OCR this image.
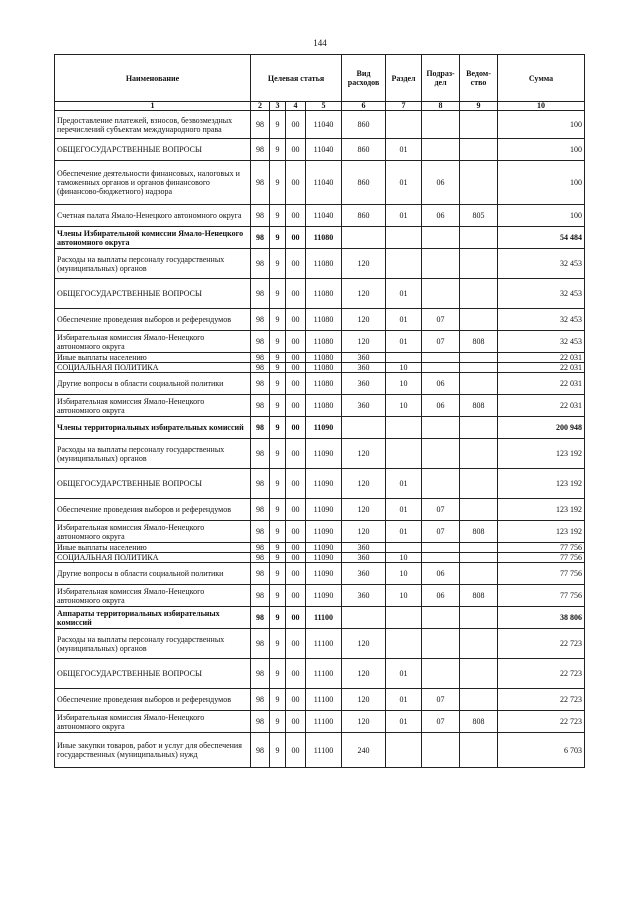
144
Наименование	Целевая статья				Вид расходов	Раздел	Подраз-дел	Ведом-ство	Сумма
1	2	3	4	5	6	7	8	9	10
Предоставление платежей, взносов, безвозмездных перечислений субъектам международного права	98	9	00	11040	860				100
ОБЩЕГОСУДАРСТВЕННЫЕ ВОПРОСЫ	98	9	00	11040	860	01			100
Обеспечение деятельности финансовых, налоговых и таможенных органов и органов финансового (финансово-бюджетного) надзора	98	9	00	11040	860	01	06		100
Счетная палата Ямало-Ненецкого автономного округа	98	9	00	11040	860	01	06	805	100
Члены Избирательной комиссии Ямало-Ненецкого автономного округа	98	9	00	11080					54 484
Расходы на выплаты персоналу государственных (муниципальных) органов	98	9	00	11080	120				32 453
ОБЩЕГОСУДАРСТВЕННЫЕ ВОПРОСЫ	98	9	00	11080	120	01			32 453
Обеспечение проведения выборов и референдумов	98	9	00	11080	120	01	07		32 453
Избирательная комиссия Ямало-Ненецкого автономного округа	98	9	00	11080	120	01	07	808	32 453
Иные выплаты населению	98	9	00	11080	360				22 031
СОЦИАЛЬНАЯ ПОЛИТИКА	98	9	00	11080	360	10			22 031
Другие вопросы в области социальной политики	98	9	00	11080	360	10	06		22 031
Избирательная комиссия Ямало-Ненецкого автономного округа	98	9	00	11080	360	10	06	808	22 031
Члены территориальных избирательных комиссий	98	9	00	11090					200 948
Расходы на выплаты персоналу государственных (муниципальных) органов	98	9	00	11090	120				123 192
ОБЩЕГОСУДАРСТВЕННЫЕ ВОПРОСЫ	98	9	00	11090	120	01			123 192
Обеспечение проведения выборов и референдумов	98	9	00	11090	120	01	07		123 192
Избирательная комиссия Ямало-Ненецкого автономного округа	98	9	00	11090	120	01	07	808	123 192
Иные выплаты населению	98	9	00	11090	360				77 756
СОЦИАЛЬНАЯ ПОЛИТИКА	98	9	00	11090	360	10			77 756
Другие вопросы в области социальной политики	98	9	00	11090	360	10	06		77 756
Избирательная комиссия Ямало-Ненецкого автономного округа	98	9	00	11090	360	10	06	808	77 756
Аппараты территориальных избирательных комиссий	98	9	00	11100					38 806
Расходы на выплаты персоналу государственных (муниципальных) органов	98	9	00	11100	120				22 723
ОБЩЕГОСУДАРСТВЕННЫЕ ВОПРОСЫ	98	9	00	11100	120	01			22 723
Обеспечение проведения выборов и референдумов	98	9	00	11100	120	01	07		22 723
Избирательная комиссия Ямало-Ненецкого автономного округа	98	9	00	11100	120	01	07	808	22 723
Иные закупки товаров, работ и услуг для обеспечения государственных (муниципальных) нужд	98	9	00	11100	240				6 703
